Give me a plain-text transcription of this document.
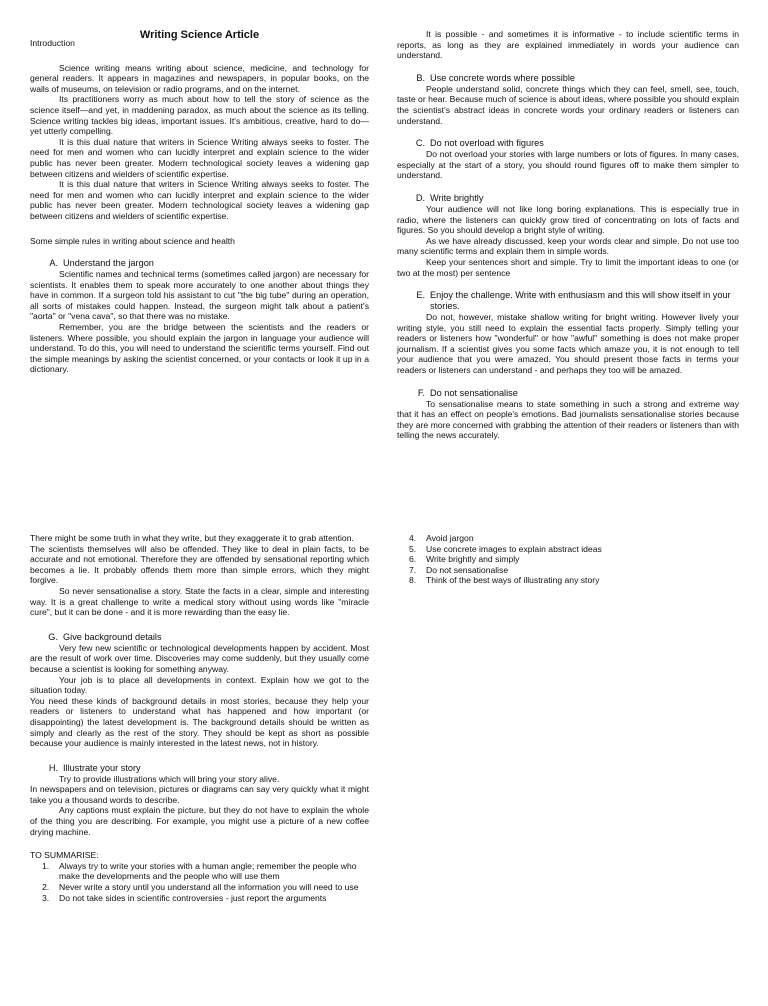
Writing Science Article
Introduction

Science writing means writing about science, medicine, and technology for general readers. It appears in magazines and newspapers, in popular books, on the walls of museums, on television or radio programs, and on the internet.

Its practitioners worry as much about how to tell the story of science as the science itself—and yet, in maddening paradox, as much about the science as its telling. Science writing tackles big ideas, important issues. It's ambitious, creative, hard to do—yet utterly compelling.

It is this dual nature that writers in Science Writing always seeks to foster. The need for men and women who can lucidly interpret and explain science to the wider public has never been greater. Modern technological society leaves a widening gap between citizens and wielders of scientific expertise.

It is this dual nature that writers in Science Writing always seeks to foster. The need for men and women who can lucidly interpret and explain science to the wider public has never been greater. Modern technological society leaves a widening gap between citizens and wielders of scientific expertise.

Some simple rules in writing about science and health
A. Understand the jargon

Scientific names and technical terms (sometimes called jargon) are necessary for scientists. It enables them to speak more accurately to one another about things they have in common. If a surgeon told his assistant to cut "the big tube" during an operation, all sorts of mistakes could happen. Instead, the surgeon might talk about a patient's "aorta" or "vena cava", so that there was no mistake.

Remember, you are the bridge between the scientists and the readers or listeners. Where possible, you should explain the jargon in language your audience will understand. To do this, you will need to understand the scientific terms yourself. Find out the simple meanings by asking the scientist concerned, or your contacts or look it up in a dictionary.

It is possible - and sometimes it is informative - to include scientific terms in reports, as long as they are explained immediately in words your audience can understand.

B. Use concrete words where possible

People understand solid, concrete things which they can feel, smell, see, touch, taste or hear. Because much of science is about ideas, where possible you should explain the scientist's abstract ideas in concrete words your ordinary readers or listeners can understand.

C. Do not overload with figures

Do not overload your stories with large numbers or lots of figures. In many cases, especially at the start of a story, you should round figures off to make them simpler to understand.

D. Write brightly

Your audience will not like long boring explanations. This is especially true in radio, where the listeners can quickly grow tired of concentrating on lots of facts and figures. So you should develop a bright style of writing.

As we have already discussed, keep your words clear and simple. Do not use too many scientific terms and explain them in simple words.

Keep your sentences short and simple. Try to limit the important ideas to one (or two at the most) per sentence

E. Enjoy the challenge. Write with enthusiasm and this will show itself in your stories.

Do not, however, mistake shallow writing for bright writing. However lively your writing style, you still need to explain the essential facts properly. Simply telling your readers or listeners how "wonderful" or how "awful" something is does not make proper journalism. If a scientist gives you some facts which amaze you, it is not enough to tell your audience that you were amazed. You should present those facts in terms your readers or listeners can understand - and perhaps they too will be amazed.

F. Do not sensationalise

To sensationalise means to state something in such a strong and extreme way that it has an effect on people's emotions. Bad journalists sensationalise stories because they are more concerned with grabbing the attention of their readers or listeners than with telling the news accurately.

There might be some truth in what they write, but they exaggerate it to grab attention.

The scientists themselves will also be offended. They like to deal in plain facts, to be accurate and not emotional. Therefore they are offended by sensational reporting which becomes a lie. It probably offends them more than simple errors, which they might forgive.

So never sensationalise a story. State the facts in a clear, simple and interesting way. It is a great challenge to write a medical story without using words like "miracle cure", but it can be done - and it is more rewarding than the easy lie.

G. Give background details

Very few new scientific or technological developments happen by accident. Most are the result of work over time. Discoveries may come suddenly, but they usually come because a scientist is looking for something anyway.

Your job is to place all developments in context. Explain how we got to the situation today.

You need these kinds of background details in most stories, because they help your readers or listeners to understand what has happened and how important (or disappointing) the latest development is. The background details should be written as simply and clearly as the rest of the story. They should be kept as short as possible because your audience is mainly interested in the latest news, not in history.

H. Illustrate your story

Try to provide illustrations which will bring your story alive.

In newspapers and on television, pictures or diagrams can say very quickly what it might take you a thousand words to describe.

Any captions must explain the picture, but they do not have to explain the whole of the thing you are describing. For example, you might use a picture of a new coffee drying machine.

TO SUMMARISE:
1. Always try to write your stories with a human angle; remember the people who make the developments and the people who will use them
2. Never write a story until you understand all the information you will need to use
3. Do not take sides in scientific controversies - just report the arguments
4. Avoid jargon
5. Use concrete images to explain abstract ideas
6. Write brightly and simply
7. Do not sensationalise
8. Think of the best ways of illustrating any story
